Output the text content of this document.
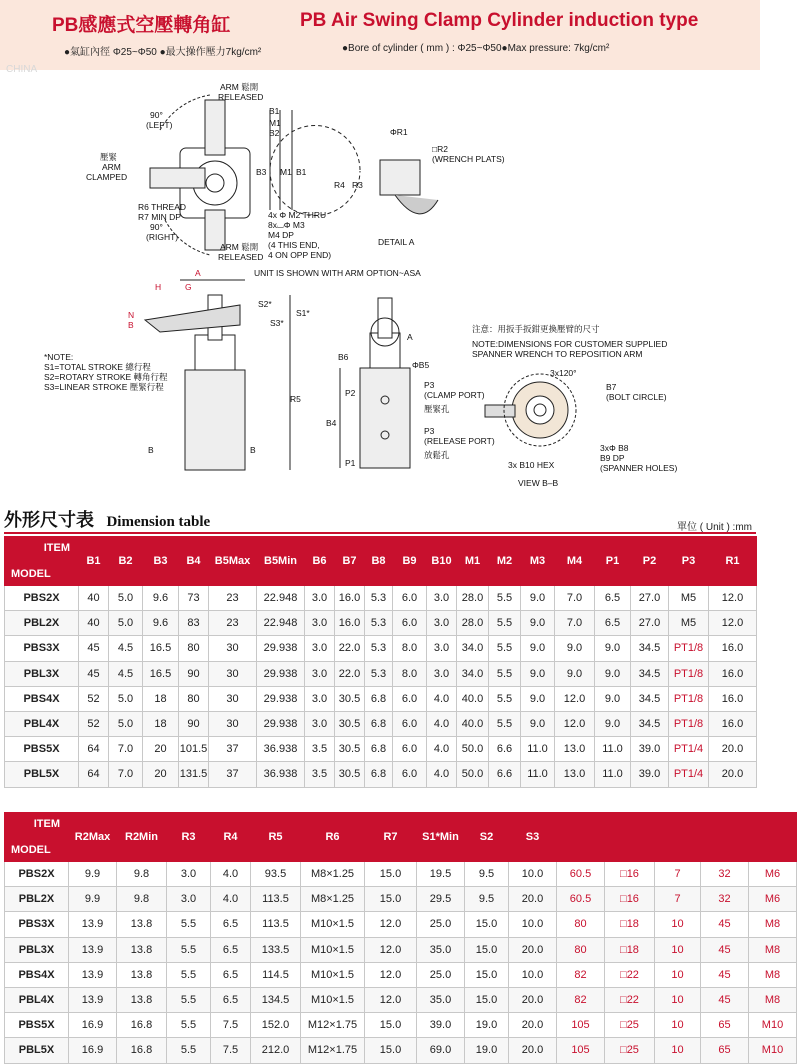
PB感應式空壓轉角缸	PB Air Swing Clamp Cylinder induction type
●氣缸內徑 Φ25~Φ50 ●最大操作壓力7kg/cm²	●Bore of cylinder ( mm ) : Φ25~Φ50●Max pressure: 7kg/cm²
CHINA
ARM 鬆開
RELEASED
90°
(LEFT)
壓緊
ARM
CLAMPED
B1
M1
B2
B3 M1 B1
R6 THREAD
R7 MIN DP
90°
(RIGHT)
ARM 鬆開
RELEASED
4x Φ M2 THRU
8x⌴Φ M3
M4 DP
(4 THIS END,
4 ON OPP END)
ΦR1
□R2
(WRENCH PLATS)
R4 R3
DETAIL A
UNIT IS SHOWN WITH ARM OPTION~ASA
A
H	G
N
B
S2*
S1*
S3*
R5
B	B
*NOTE:
S1=TOTAL STROKE 總行程
S2=ROTARY STROKE 轉角行程
S3=LINEAR STROKE 壓緊行程
A
B6
ΦB5
P3
(CLAMP PORT)
壓緊孔
P2
B4
P3
(RELEASE PORT)
放鬆孔
P1
注意：用扳手扳鉗更換壓臂的尺寸
NOTE:DIMENSIONS FOR CUSTOMER SUPPLIED
SPANNER WRENCH TO REPOSITION ARM
3x120°
B7
(BOLT CIRCLE)
3xΦ B8
B9 DP
(SPANNER HOLES)
3x B10 HEX
VIEW B–B
外形尺寸表 Dimension table	單位 ( Unit ) :mm
ITEM
MODEL	B1	B2	B3	B4	B5Max	B5Min	B6	B7	B8	B9	B10	M1	M2	M3	M4	P1	P2	P3	R1
PBS2X	40	5.0	9.6	73	23	22.948	3.0	16.0	5.3	6.0	3.0	28.0	5.5	9.0	7.0	6.5	27.0	M5	12.0
PBL2X	40	5.0	9.6	83	23	22.948	3.0	16.0	5.3	6.0	3.0	28.0	5.5	9.0	7.0	6.5	27.0	M5	12.0
PBS3X	45	4.5	16.5	80	30	29.938	3.0	22.0	5.3	8.0	3.0	34.0	5.5	9.0	9.0	9.0	34.5	PT1/8	16.0
PBL3X	45	4.5	16.5	90	30	29.938	3.0	22.0	5.3	8.0	3.0	34.0	5.5	9.0	9.0	9.0	34.5	PT1/8	16.0
PBS4X	52	5.0	18	80	30	29.938	3.0	30.5	6.8	6.0	4.0	40.0	5.5	9.0	12.0	9.0	34.5	PT1/8	16.0
PBL4X	52	5.0	18	90	30	29.938	3.0	30.5	6.8	6.0	4.0	40.0	5.5	9.0	12.0	9.0	34.5	PT1/8	16.0
PBS5X	64	7.0	20	101.5	37	36.938	3.5	30.5	6.8	6.0	4.0	50.0	6.6	11.0	13.0	11.0	39.0	PT1/4	20.0
PBL5X	64	7.0	20	131.5	37	36.938	3.5	30.5	6.8	6.0	4.0	50.0	6.6	11.0	13.0	11.0	39.0	PT1/4	20.0
ITEM
MODEL	R2Max	R2Min	R3	R4	R5	R6	R7	S1*Min	S2	S3					
PBS2X	9.9	9.8	3.0	4.0	93.5	M8×1.25	15.0	19.5	9.5	10.0	60.5	□16	7	32	M6
PBL2X	9.9	9.8	3.0	4.0	113.5	M8×1.25	15.0	29.5	9.5	20.0	60.5	□16	7	32	M6
PBS3X	13.9	13.8	5.5	6.5	113.5	M10×1.5	12.0	25.0	15.0	10.0	80	□18	10	45	M8
PBL3X	13.9	13.8	5.5	6.5	133.5	M10×1.5	12.0	35.0	15.0	20.0	80	□18	10	45	M8
PBS4X	13.9	13.8	5.5	6.5	114.5	M10×1.5	12.0	25.0	15.0	10.0	82	□22	10	45	M8
PBL4X	13.9	13.8	5.5	6.5	134.5	M10×1.5	12.0	35.0	15.0	20.0	82	□22	10	45	M8
PBS5X	16.9	16.8	5.5	7.5	152.0	M12×1.75	15.0	39.0	19.0	20.0	105	□25	10	65	M10
PBL5X	16.9	16.8	5.5	7.5	212.0	M12×1.75	15.0	69.0	19.0	20.0	105	□25	10	65	M10
